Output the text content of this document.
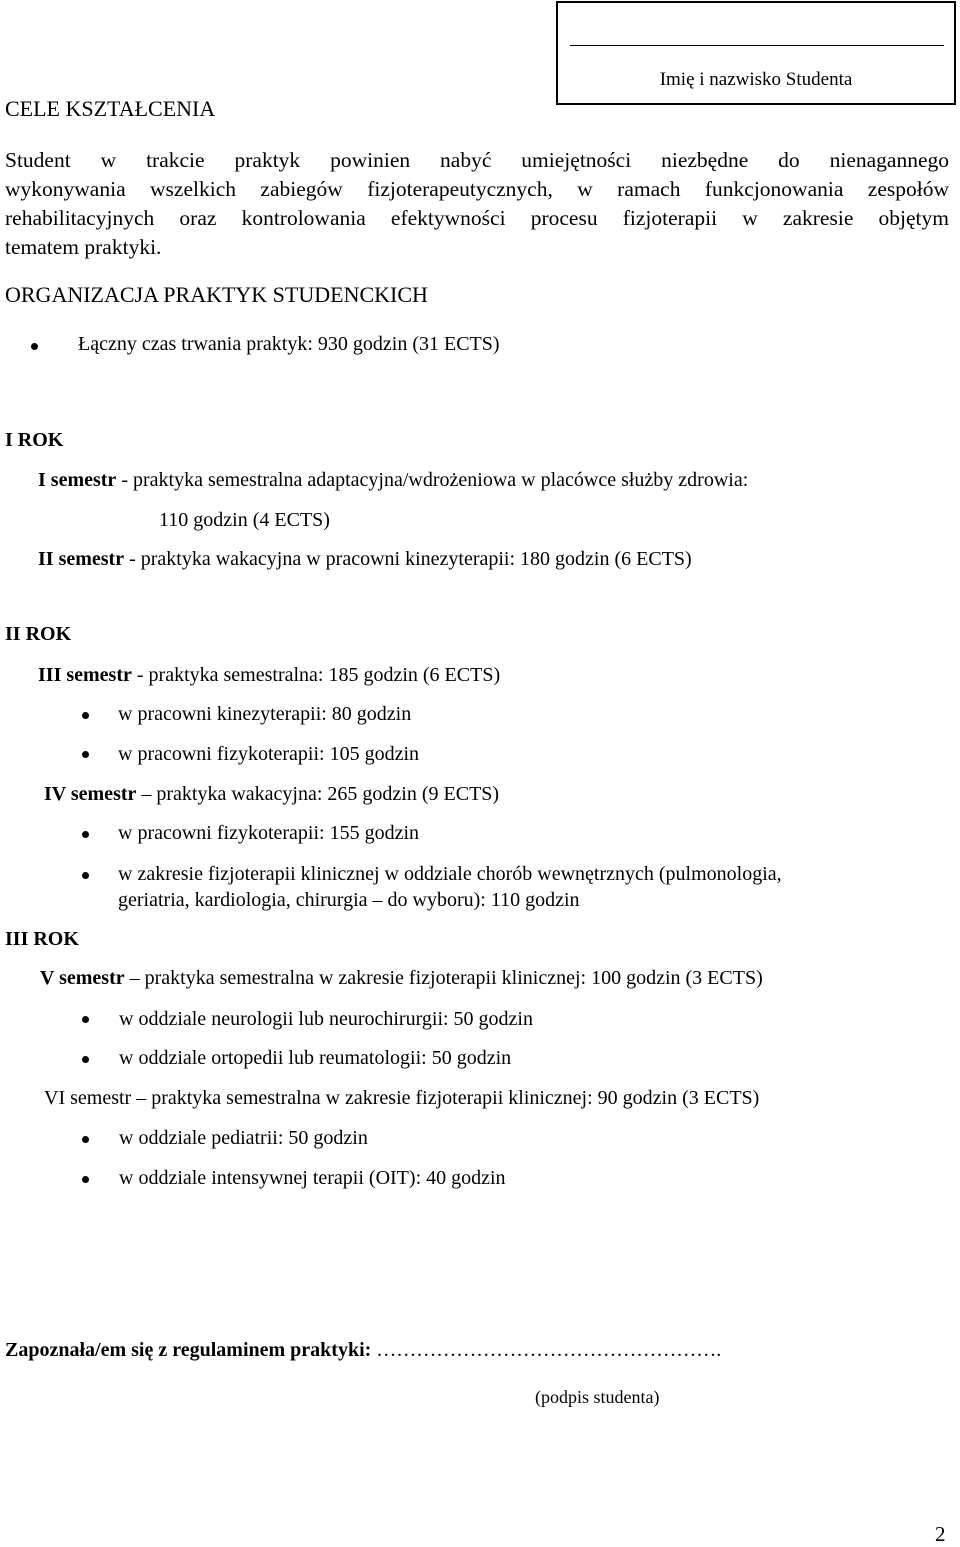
Imię i nazwisko Studenta
CELE KSZTAŁCENIA
Student w trakcie praktyk powinien nabyć umiejętności niezbędne do nienagannego
wykonywania wszelkich zabiegów fizjoterapeutycznych, w ramach funkcjonowania zespołów
rehabilitacyjnych oraz kontrolowania efektywności procesu fizjoterapii w zakresie objętym
tematem praktyki.
ORGANIZACJA PRAKTYK STUDENCKICH
Łączny czas trwania praktyk: 930 godzin (31 ECTS)
I ROK
I semestr - praktyka semestralna adaptacyjna/wdrożeniowa w placówce służby zdrowia:
110 godzin (4 ECTS)
II semestr - praktyka wakacyjna w pracowni kinezyterapii: 180 godzin (6 ECTS)
II ROK
III semestr - praktyka semestralna: 185 godzin (6 ECTS)
w pracowni kinezyterapii: 80 godzin
w pracowni fizykoterapii: 105 godzin
IV semestr – praktyka wakacyjna: 265 godzin (9 ECTS)
w pracowni fizykoterapii: 155 godzin
w zakresie fizjoterapii klinicznej w oddziale chorób wewnętrznych (pulmonologia,
geriatria, kardiologia, chirurgia – do wyboru): 110 godzin
III ROK
V semestr – praktyka semestralna w zakresie fizjoterapii klinicznej: 100 godzin (3 ECTS)
w oddziale neurologii lub neurochirurgii: 50 godzin
w oddziale ortopedii lub reumatologii: 50 godzin
VI semestr – praktyka semestralna w zakresie fizjoterapii klinicznej: 90 godzin (3 ECTS)
w oddziale pediatrii: 50 godzin
w oddziale intensywnej terapii (OIT): 40 godzin
Zapoznała/em się z regulaminem praktyki: …………………………………………….
(podpis studenta)
2
